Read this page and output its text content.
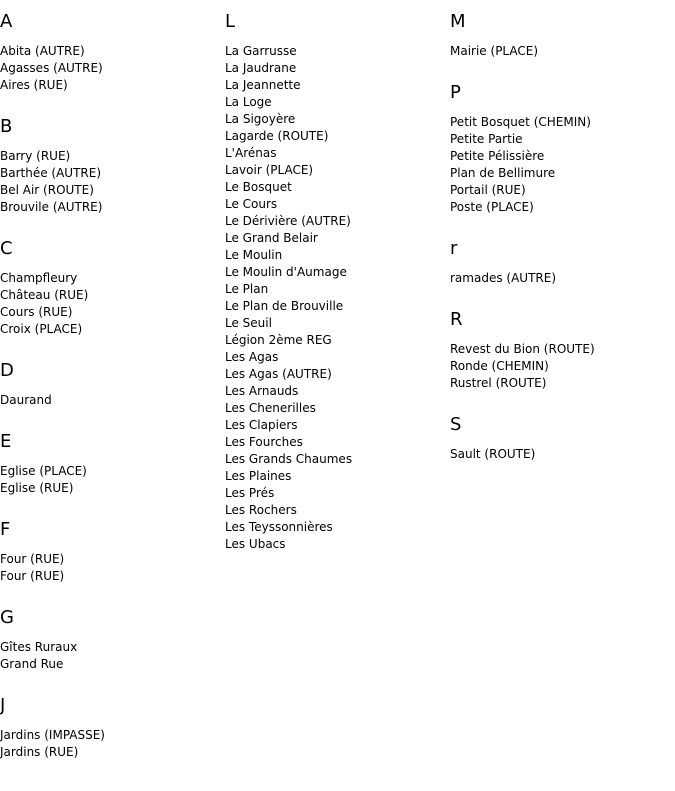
A
Abita (AUTRE)
Agasses (AUTRE)
Aires (RUE)
B
Barry (RUE)
Barthée (AUTRE)
Bel Air (ROUTE)
Brouvile (AUTRE)
C
Champfleury
Château (RUE)
Cours (RUE)
Croix (PLACE)
D
Daurand
E
Eglise (PLACE)
Eglise (RUE)
F
Four (RUE)
Four (RUE)
G
Gîtes Ruraux
Grand Rue
J
Jardins (IMPASSE)
Jardins (RUE)
L
La Garrusse
La Jaudrane
La Jeannette
La Loge
La Sigoyère
Lagarde (ROUTE)
L'Arénas
Lavoir (PLACE)
Le Bosquet
Le Cours
Le Dérivière (AUTRE)
Le Grand Belair
Le Moulin
Le Moulin d'Aumage
Le Plan
Le Plan de Brouville
Le Seuil
Légion 2ème REG
Les Agas
Les Agas (AUTRE)
Les Arnauds
Les Chenerilles
Les Clapiers
Les Fourches
Les Grands Chaumes
Les Plaines
Les Prés
Les Rochers
Les Teyssonnières
Les Ubacs
M
Mairie (PLACE)
P
Petit Bosquet (CHEMIN)
Petite Partie
Petite Pélissière
Plan de Bellimure
Portail (RUE)
Poste (PLACE)
r
ramades (AUTRE)
R
Revest du Bion (ROUTE)
Ronde (CHEMIN)
Rustrel (ROUTE)
S
Sault (ROUTE)
